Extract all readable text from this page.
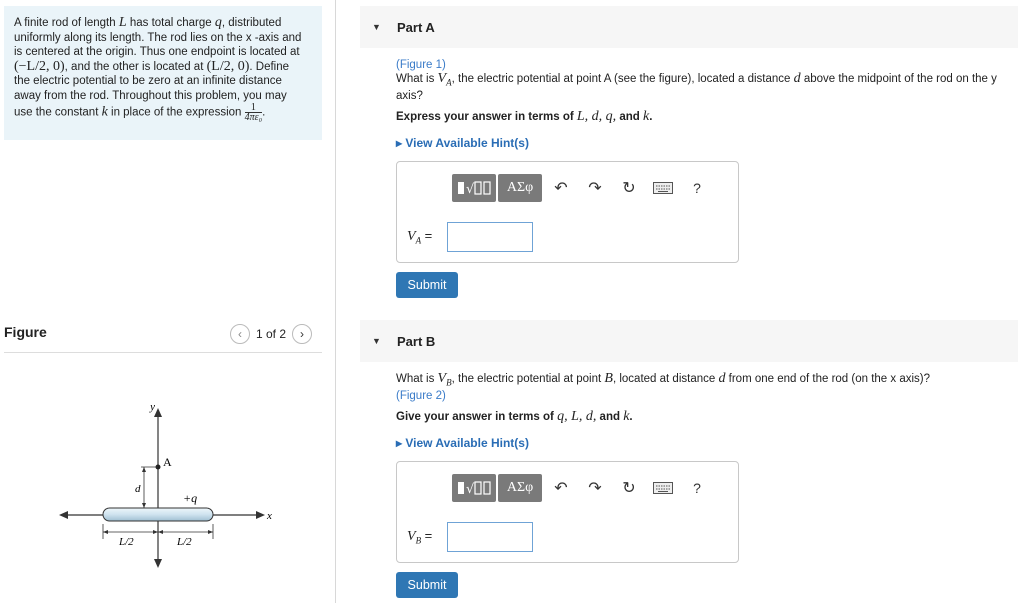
A finite rod of length L has total charge q, distributed
uniformly along its length. The rod lies on the x -axis and
is centered at the origin. Thus one endpoint is located at
(−L/2, 0), and the other is located at (L/2, 0). Define
the electric potential to be zero at an infinite distance
away from the rod. Throughout this problem, you may
use the constant k in place of the expression $\frac{1}{\text{4πε₀}}$ .
Figure	‹	1 of 2	›
y
x
+q
A
d
L/2	L/2
▼ Part A
(Figure 1)
What is $V_A$, the electric potential at point A (see the figure), located a distance d above the midpoint of the rod on the y
axis?
Express your answer in terms of L, d, q, and k.
▸ View Available Hint(s)
√	ΑΣφ	↶	↷	↻	?
$V_A$ =
Submit
▼ Part B
What is $V_B$, the electric potential at point B, located at distance d from one end of the rod (on the x axis)?
(Figure 2)
Give your answer in terms of q, L, d, and k.
▸ View Available Hint(s)
√	ΑΣφ	↶	↷	↻	?
$V_B$ =
Submit
